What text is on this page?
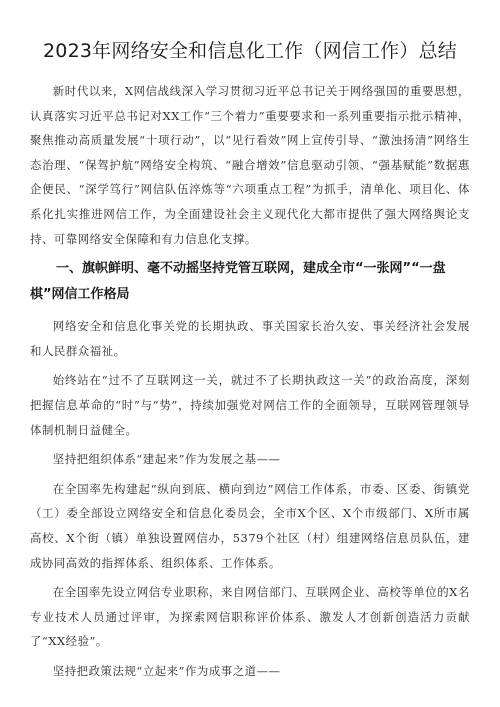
2023年网络安全和信息化工作（网信工作）总结

新时代以来，X网信战线深入学习贯彻习近平总书记关于网络强国的重要思想，认真落实习近平总书记对XX工作“三个着力”重要要求和一系列重要指示批示精神，聚焦推动高质量发展“十项行动”，以“见行看效”网上宣传引导、“激浊扬清”网络生态治理、“保驾护航”网络安全构筑、“融合增效”信息驱动引领、“强基赋能”数据惠企便民、“深学笃行”网信队伍淬炼等“六项重点工程”为抓手，清单化、项目化、体系化扎实推进网信工作，为全面建设社会主义现代化大都市提供了强大网络舆论支持、可靠网络安全保障和有力信息化支撑。

一、旗帜鲜明、毫不动摇坚持党管互联网，建成全市“一张网”“一盘棋”网信工作格局

网络安全和信息化事关党的长期执政、事关国家长治久安、事关经济社会发展和人民群众福祉。

始终站在“过不了互联网这一关，就过不了长期执政这一关”的政治高度，深刻把握信息革命的“时”与“势”，持续加强党对网信工作的全面领导，互联网管理领导体制机制日益健全。

坚持把组织体系“建起来”作为发展之基——

在全国率先构建起“纵向到底、横向到边”网信工作体系，市委、区委、街镇党（工）委全部设立网络安全和信息化委员会，全市X个区、X个市级部门、X所市属高校、X个街（镇）单独设置网信办，5379个社区（村）组建网络信息员队伍，建成协同高效的指挥体系、组织体系、工作体系。

在全国率先设立网信专业职称，来自网信部门、互联网企业、高校等单位的X名专业技术人员通过评审，为探索网信职称评价体系、激发人才创新创造活力贡献了“XX经验”。

坚持把政策法规“立起来”作为成事之道——
